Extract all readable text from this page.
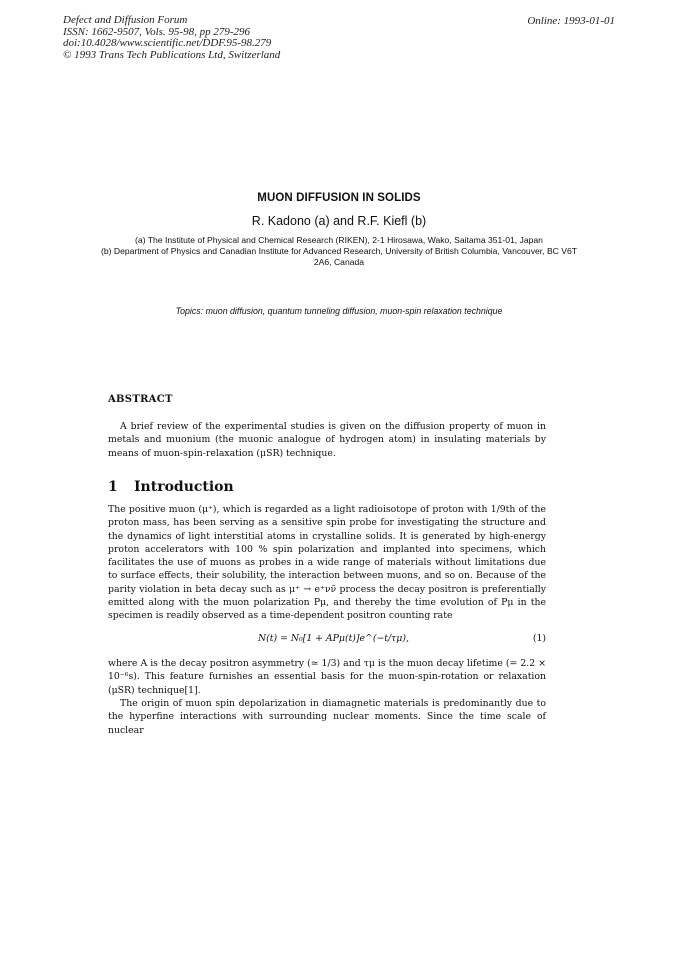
Defect and Diffusion Forum
ISSN: 1662-9507, Vols. 95-98, pp 279-296
doi:10.4028/www.scientific.net/DDF.95-98.279
© 1993 Trans Tech Publications Ltd, Switzerland
Online: 1993-01-01
MUON DIFFUSION IN SOLIDS
R. Kadono (a) and R.F. Kiefl (b)
(a) The Institute of Physical and Chemical Research (RIKEN), 2-1 Hirosawa, Wako, Saitama 351-01, Japan
(b) Department of Physics and Canadian Institute for Advanced Research, University of British Columbia, Vancouver, BC V6T 2A6, Canada
Topics: muon diffusion, quantum tunneling diffusion, muon-spin relaxation technique
ABSTRACT
A brief review of the experimental studies is given on the diffusion property of muon in metals and muonium (the muonic analogue of hydrogen atom) in insulating materials by means of muon-spin-relaxation (μSR) technique.
1 Introduction
The positive muon (μ⁺), which is regarded as a light radioisotope of proton with 1/9th of the proton mass, has been serving as a sensitive spin probe for investigating the structure and the dynamics of light interstitial atoms in crystalline solids. It is generated by high-energy proton accelerators with 100 % spin polarization and implanted into specimens, which facilitates the use of muons as probes in a wide range of materials without limitations due to surface effects, their solubility, the interaction between muons, and so on. Because of the parity violation in beta decay such as μ⁺ → e⁺νν̄ process the decay positron is preferentially emitted along with the muon polarization Pμ, and thereby the time evolution of Pμ in the specimen is readily observed as a time-dependent positron counting rate
N(t) = N₀[1 + APμ(t)]e^(−t/τμ),	(1)
where A is the decay positron asymmetry (≃ 1/3) and τμ is the muon decay lifetime (= 2.2 × 10⁻⁶s). This feature furnishes an essential basis for the muon-spin-rotation or relaxation (μSR) technique[1].
The origin of muon spin depolarization in diamagnetic materials is predominantly due to the hyperfine interactions with surrounding nuclear moments. Since the time scale of nuclear
